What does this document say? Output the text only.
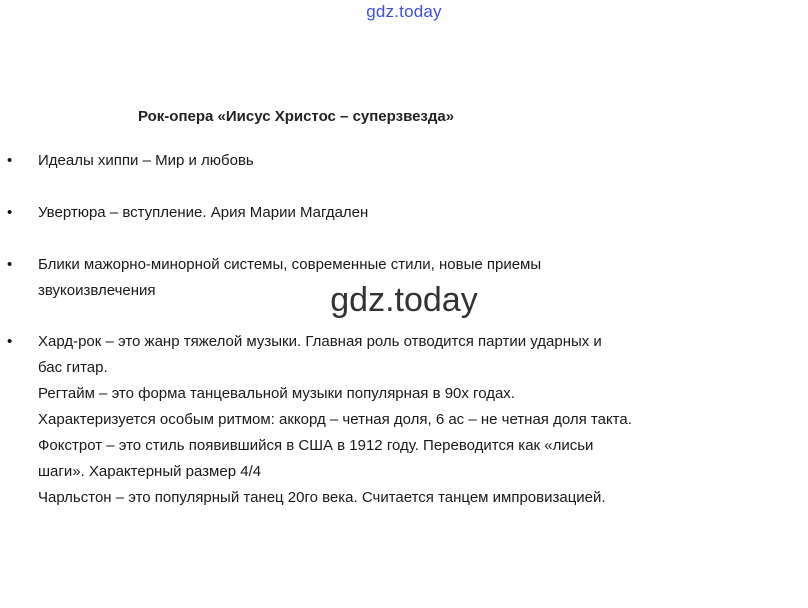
gdz.today
Рок-опера «Иисус Христос – суперзвезда»
• Идеалы хиппи – Мир и любовь
• Увертюра – вступление. Ария Марии Магдален
• Блики мажорно-минорной системы, современные стили, новые приемы
звукоизвлечения
• Хард-рок – это жанр тяжелой музыки. Главная роль отводится партии ударных и
бас гитар.
Регтайм – это форма танцевальной музыки популярная в 90х годах.
Характеризуется особым ритмом: аккорд – четная доля, 6 ас – не четная доля такта.
Фокстрот – это стиль появившийся в США в 1912 году. Переводится как «лисьи
шаги». Характерный размер 4/4
Чарльстон – это популярный танец 20го века. Считается танцем импровизацией.
gdz.today
